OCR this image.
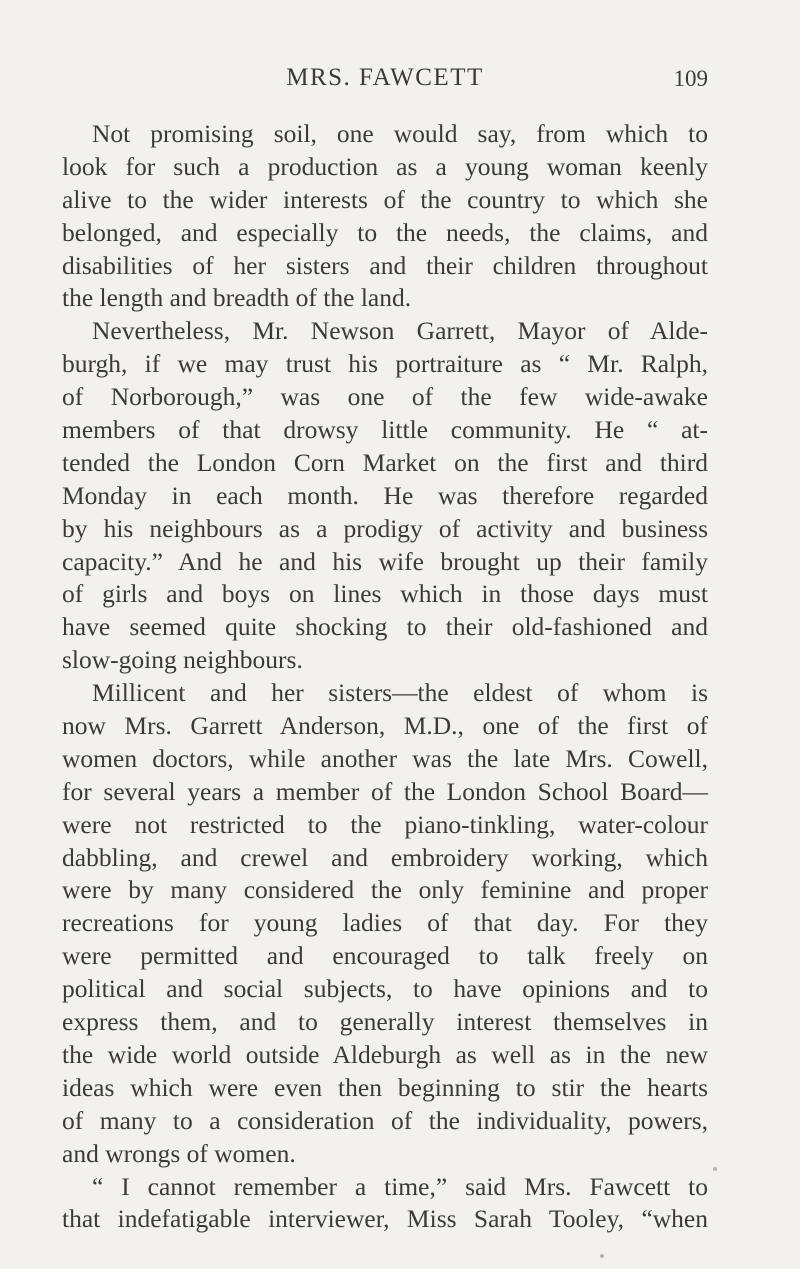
MRS. FAWCETT	109
Not promising soil, one would say, from which to
look for such a production as a young woman keenly
alive to the wider interests of the country to which she
belonged, and especially to the needs, the claims, and
disabilities of her sisters and their children throughout
the length and breadth of the land.
Nevertheless, Mr. Newson Garrett, Mayor of Alde-
burgh, if we may trust his portraiture as “ Mr. Ralph,
of Norborough,” was one of the few wide-awake
members of that drowsy little community. He “ at-
tended the London Corn Market on the first and third
Monday in each month. He was therefore regarded
by his neighbours as a prodigy of activity and business
capacity.” And he and his wife brought up their family
of girls and boys on lines which in those days must
have seemed quite shocking to their old-fashioned and
slow-going neighbours.
Millicent and her sisters—the eldest of whom is
now Mrs. Garrett Anderson, M.D., one of the first of
women doctors, while another was the late Mrs. Cowell,
for several years a member of the London School Board—
were not restricted to the piano-tinkling, water-colour
dabbling, and crewel and embroidery working, which
were by many considered the only feminine and proper
recreations for young ladies of that day. For they
were permitted and encouraged to talk freely on
political and social subjects, to have opinions and to
express them, and to generally interest themselves in
the wide world outside Aldeburgh as well as in the new
ideas which were even then beginning to stir the hearts
of many to a consideration of the individuality, powers,
and wrongs of women.
“ I cannot remember a time,” said Mrs. Fawcett to
that indefatigable interviewer, Miss Sarah Tooley, “when
